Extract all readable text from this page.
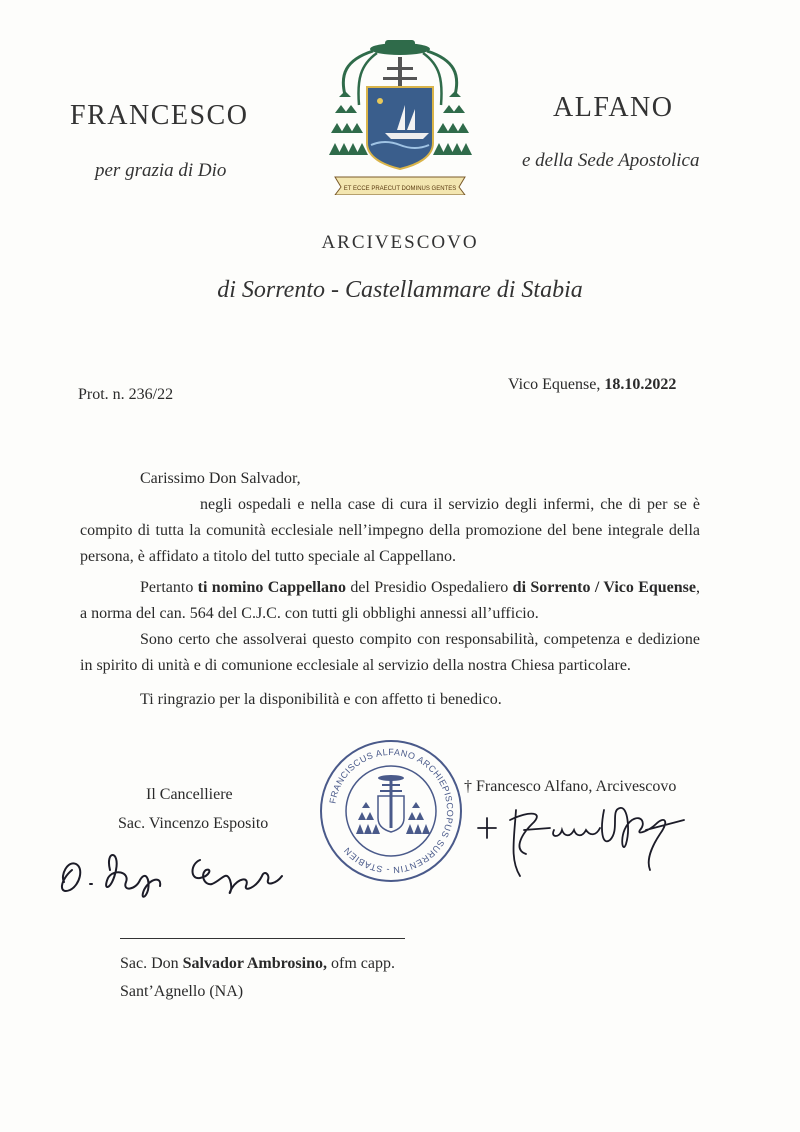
FRANCESCO	ALFANO
per grazia di Dio	e della Sede Apostolica
ET ECCE PRAECUT DOMINUS GENTES
ARCIVESCOVO
di Sorrento - Castellammare di Stabia
Prot. n. 236/22
Vico Equense, 18.10.2022
Carissimo Don Salvador,
negli ospedali e nella case di cura il servizio degli infermi, che di per se è compito di tutta la comunità ecclesiale nell’impegno della promozione del bene integrale della persona, è affidato a titolo del tutto speciale al Cappellano.
Pertanto ti nomino Cappellano del Presidio Ospedaliero di Sorrento / Vico Equense, a norma del can. 564 del C.J.C. con tutti gli obblighi annessi all’ufficio.
Sono certo che assolverai questo compito con responsabilità, competenza e dedizione in spirito di unità e di comunione ecclesiale al servizio della nostra Chiesa particolare.
Ti ringrazio per la disponibilità e con affetto ti benedico.
Il Cancelliere
Sac. Vincenzo Esposito
FRANCISCUS ALFANO ARCHIEPISCOPUS SURRENTIN - STABIEN
† Francesco Alfano, Arcivescovo
Sac. Don Salvador Ambrosino, ofm capp.
Sant’Agnello (NA)
